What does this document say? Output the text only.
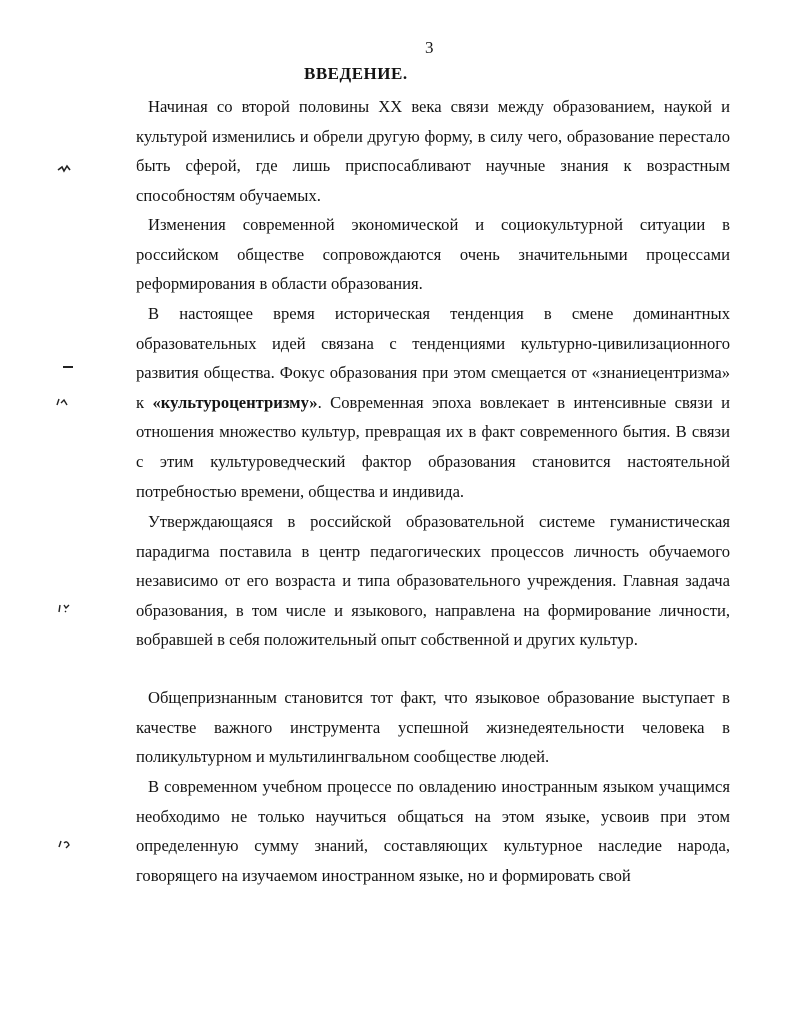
3
ВВЕДЕНИЕ.

Начиная со второй половины XX века связи между образованием, наукой и культурой изменились и обрели другую форму, в силу чего, образование перестало быть сферой, где лишь приспосабливают научные знания к возрастным способностям обучаемых.

Изменения современной экономической и социокультурной ситуации в российском обществе сопровождаются очень значительными процессами реформирования в области образования.

В настоящее время историческая тенденция в смене доминантных образовательных идей связана с тенденциями культурно-цивилизационного развития общества. Фокус образования при этом смещается от «знаниецентризма» к «культуроцентризму». Современная эпоха вовлекает в интенсивные связи и отношения множество культур, превращая их в факт современного бытия. В связи с этим культуроведческий фактор образования становится настоятельной потребностью времени, общества и индивида.

Утверждающаяся в российской образовательной системе гуманистическая парадигма поставила в центр педагогических процессов личность обучаемого независимо от его возраста и типа образовательного учреждения. Главная задача образования, в том числе и языкового, направлена на формирование личности, вобравшей в себя положительный опыт собственной и других культур.

Общепризнанным становится тот факт, что языковое образование выступает в качестве важного инструмента успешной жизнедеятельности человека в поликультурном и мультилингвальном сообществе людей.

В современном учебном процессе по овладению иностранным языком учащимся необходимо не только научиться общаться на этом языке, усвоив при этом определенную сумму знаний, составляющих культурное наследие народа, говорящего на изучаемом иностранном языке, но и формировать свой
